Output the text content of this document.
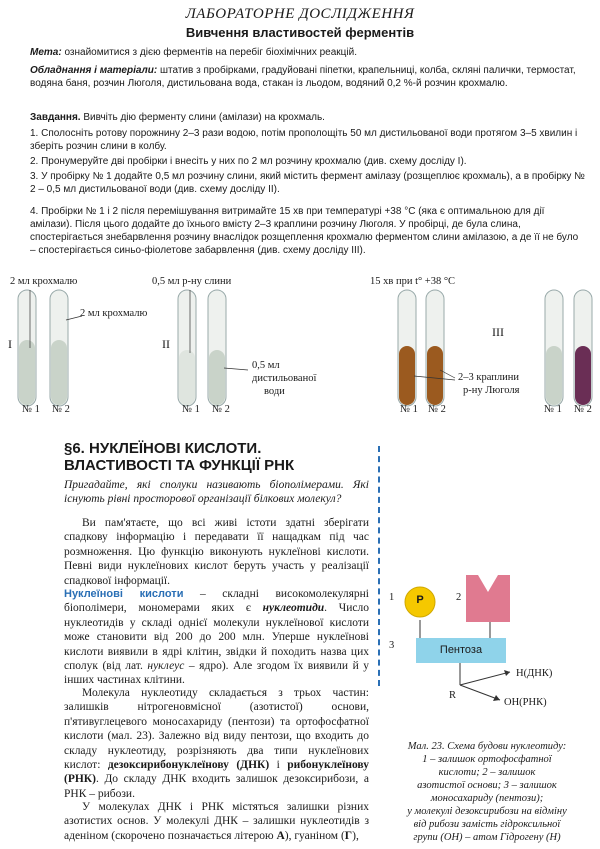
ЛАБОРАТОРНЕ ДОСЛІДЖЕННЯ
Вивчення властивостей ферментів
Мета: ознайомитися з дією ферментів на перебіг біохімічних реакцій.
Обладнання і матеріали: штатив з пробірками, градуйовані піпетки, крапельниці, колба, скляні палички, термостат, водяна баня, розчин Люголя, дистильована вода, стакан із льодом, водяний 0,2 %-й розчин крохмалю.
Завдання. Вивчіть дію ферменту слини (амілази) на крохмаль.
1. Сполосніть ротову порожнину 2–3 рази водою, потім прополощіть 50 мл дистильованої води протягом 3–5 хвилин і зберіть розчин слини в колбу.
2. Пронумеруйте дві пробірки і внесіть у них по 2 мл розчину крохмалю (див. схему досліду I).
3. У пробірку № 1 додайте 0,5 мл розчину слини, який містить фермент амілазу (розщеплює крохмаль), а в пробірку № 2 – 0,5 мл дистильованої води (див. схему досліду II).
4. Пробірки № 1 і 2 після перемішування витримайте 15 хв при температурі +38 °С (яка є оптимальною для дії амілази). Після цього додайте до їхнього вмісту 2–3 краплини розчину Люголя. У пробірці, де була слина, спостерігається знебарвлення розчину внаслідок розщеплення крохмалю ферментом слини амілазою, а де її не було – спостерігається синьо-фіолетове забарвлення (див. схему досліду III).
2 мл крохмалю
2 мл крохмалю
I
№ 1 № 2
0,5 мл р-ну слини
II
0,5 мл
дистильованої
води
№ 1 № 2
15 хв при t° +38 °С
III
2–3 краплини
р-ну Люголя
№ 1 № 2	№ 1 № 2
§6. НУКЛЕЇНОВІ КИСЛОТИ. ВЛАСТИВОСТІ ТА ФУНКЦІЇ РНК
Пригадайте, які сполуки називають біополімерами. Які існують рівні просторової організації білкових молекул?
Ви пам'ятаєте, що всі живі істоти здатні зберігати спадкову інформацію і передавати її нащадкам під час розмноження. Цю функцію виконують нуклеїнові кислоти. Певні види нуклеїнових кислот беруть участь у реалізації спадкової інформації.
Нуклеїнові кислоти – складні високомолекулярні біополімери, мономерами яких є нуклеотиди. Число нуклеотидів у складі однієї молекули нуклеїнової кислоти може становити від 200 до 200 млн. Уперше нуклеїнові кислоти виявили в ядрі клітин, звідки й походить назва цих сполук (від лат. нуклеус – ядро). Але згодом їх виявили й у інших частинах клітини.
Молекула нуклеотиду складається з трьох частин: залишків нітрогеновмісної (азотистої) основи, п'ятивуглецевого моносахариду (пентози) та ортофосфатної кислоти (мал. 23). Залежно від виду пентози, що входить до складу нуклеотиду, розрізняють два типи нуклеїнових кислот: дезоксирибонуклеїнову (ДНК) і рибонуклеїнову (РНК). До складу ДНК входить залишок дезоксирибози, а РНК – рибози.
У молекулах ДНК і РНК містяться залишки різних азотистих основ. У молекулі ДНК – залишки нуклеотидів з аденіном (скорочено позначається літерою А), гуаніном (Г),
1	2
3
Р
Пентоза
R
Н(ДНК)
ОН(РНК)
Мал. 23. Схема будови нуклеотиду:
1 – залишок ортофосфатної
кислоти; 2 – залишок
азотистої основи; 3 – залишок
моносахариду (пентози);
у молекулі дезоксирибози на відміну
від рибози замість гідроксильної
групи (ОН) – атом Гідрогену (Н)
